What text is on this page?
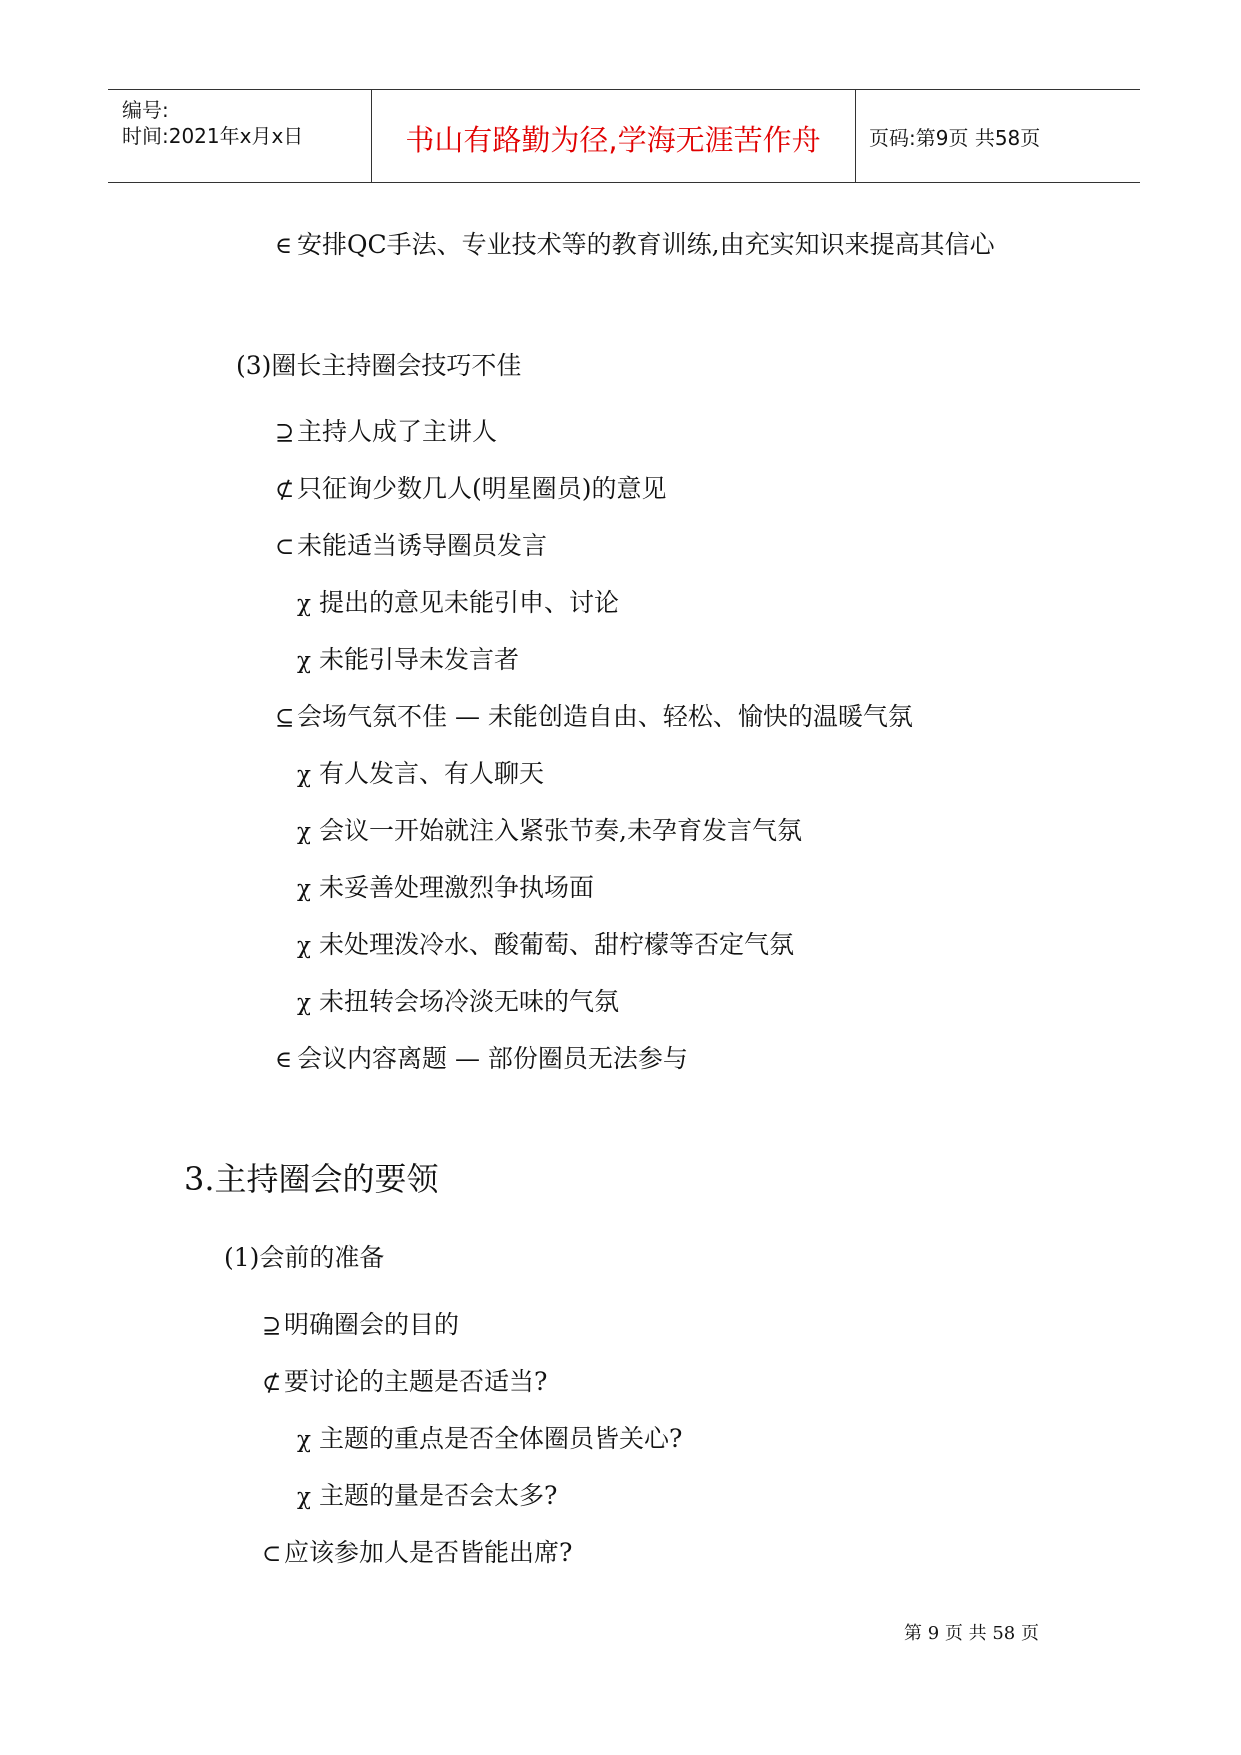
编号:
时间:2021年x月x日	书山有路勤为径,学海无涯苦作舟	页码:第9页 共58页
∈ 安排QC手法、专业技术等的教育训练,由充实知识来提高其信心
(3)圈长主持圈会技巧不佳
⊇ 主持人成了主讲人
⊄ 只征询少数几人(明星圈员)的意见
⊂ 未能适当诱导圈员发言
χ 提出的意见未能引申、讨论
χ 未能引导未发言者
⊆ 会场气氛不佳 — 未能创造自由、轻松、愉快的温暖气氛
χ 有人发言、有人聊天
χ 会议一开始就注入紧张节奏,未孕育发言气氛
χ 未妥善处理激烈争执场面
χ 未处理泼冷水、酸葡萄、甜柠檬等否定气氛
χ 未扭转会场冷淡无味的气氛
∈ 会议内容离题 — 部份圈员无法参与
3.主持圈会的要领
(1)会前的准备
⊇ 明确圈会的目的
⊄ 要讨论的主题是否适当?
χ 主题的重点是否全体圈员皆关心?
χ 主题的量是否会太多?
⊂ 应该参加人是否皆能出席?
第 9 页 共 58 页
